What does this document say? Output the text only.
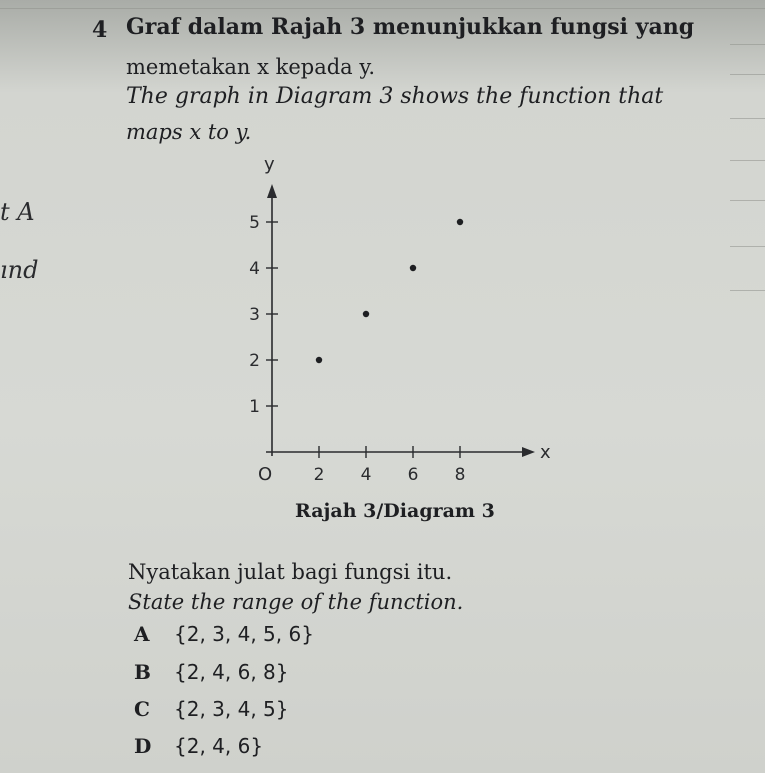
t A
ınd
4 Graf dalam Rajah 3 menunjukkan fungsi yang
memetakan x kepada y.
The graph in Diagram 3 shows the function that
maps x to y.
x
y
O 2 4 6 8
1
2
3
4
5
Rajah 3/Diagram 3
Nyatakan julat bagi fungsi itu.
State the range of the function.
A {2, 3, 4, 5, 6}
B {2, 4, 6, 8}
C {2, 3, 4, 5}
D {2, 4, 6}
